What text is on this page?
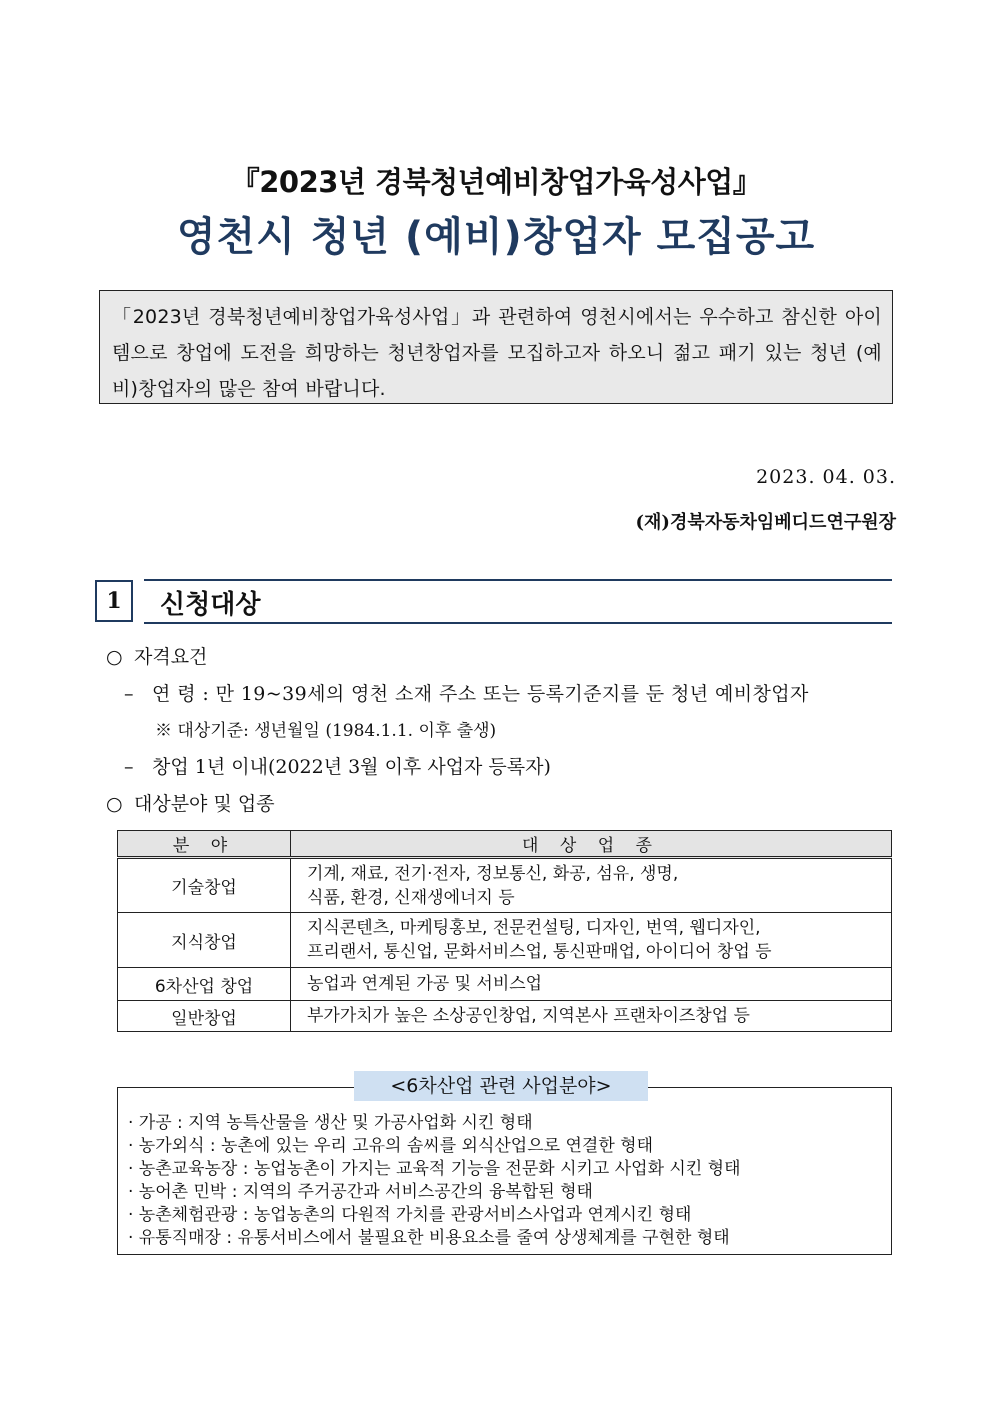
『2023년 경북청년예비창업가육성사업』
영천시 청년 (예비)창업자 모집공고
「2023년 경북청년예비창업가육성사업」과 관련하여 영천시에서는 우수하고 참신한 아이템으로 창업에 도전을 희망하는 청년창업자를 모집하고자 하오니 젊고 패기 있는 청년 (예비)창업자의 많은 참여 바랍니다.
2023. 04. 03.
(재)경북자동차임베디드연구원장
1	신청대상
○ 자격요건
– 연 령 : 만 19~39세의 영천 소재 주소 또는 등록기준지를 둔 청년 예비창업자
※ 대상기준: 생년월일 (1984.1.1. 이후 출생)
– 창업 1년 이내(2022년 3월 이후 사업자 등록자)
○ 대상분야 및 업종
분 야	대 상 업 종
기술창업	기계, 재료, 전기·전자, 정보통신, 화공, 섬유, 생명,
식품, 환경, 신재생에너지 등

지식창업	지식콘텐츠, 마케팅홍보, 전문컨설팅, 디자인, 번역, 웹디자인,
프리랜서, 통신업, 문화서비스업, 통신판매업, 아이디어 창업 등

6차산업 창업	농업과 연계된 가공 및 서비스업

일반창업	부가가치가 높은 소상공인창업, 지역본사 프랜차이즈창업 등
· 가공 : 지역 농특산물을 생산 및 가공사업화 시킨 형태
· 농가외식 : 농촌에 있는 우리 고유의 솜씨를 외식산업으로 연결한 형태
· 농촌교육농장 : 농업농촌이 가지는 교육적 기능을 전문화 시키고 사업화 시킨 형태
· 농어촌 민박 : 지역의 주거공간과 서비스공간의 융복합된 형태
· 농촌체험관광 : 농업농촌의 다원적 가치를 관광서비스사업과 연계시킨 형태
· 유통직매장 : 유통서비스에서 불필요한 비용요소를 줄여 상생체계를 구현한 형태
<6차산업 관련 사업분야>
